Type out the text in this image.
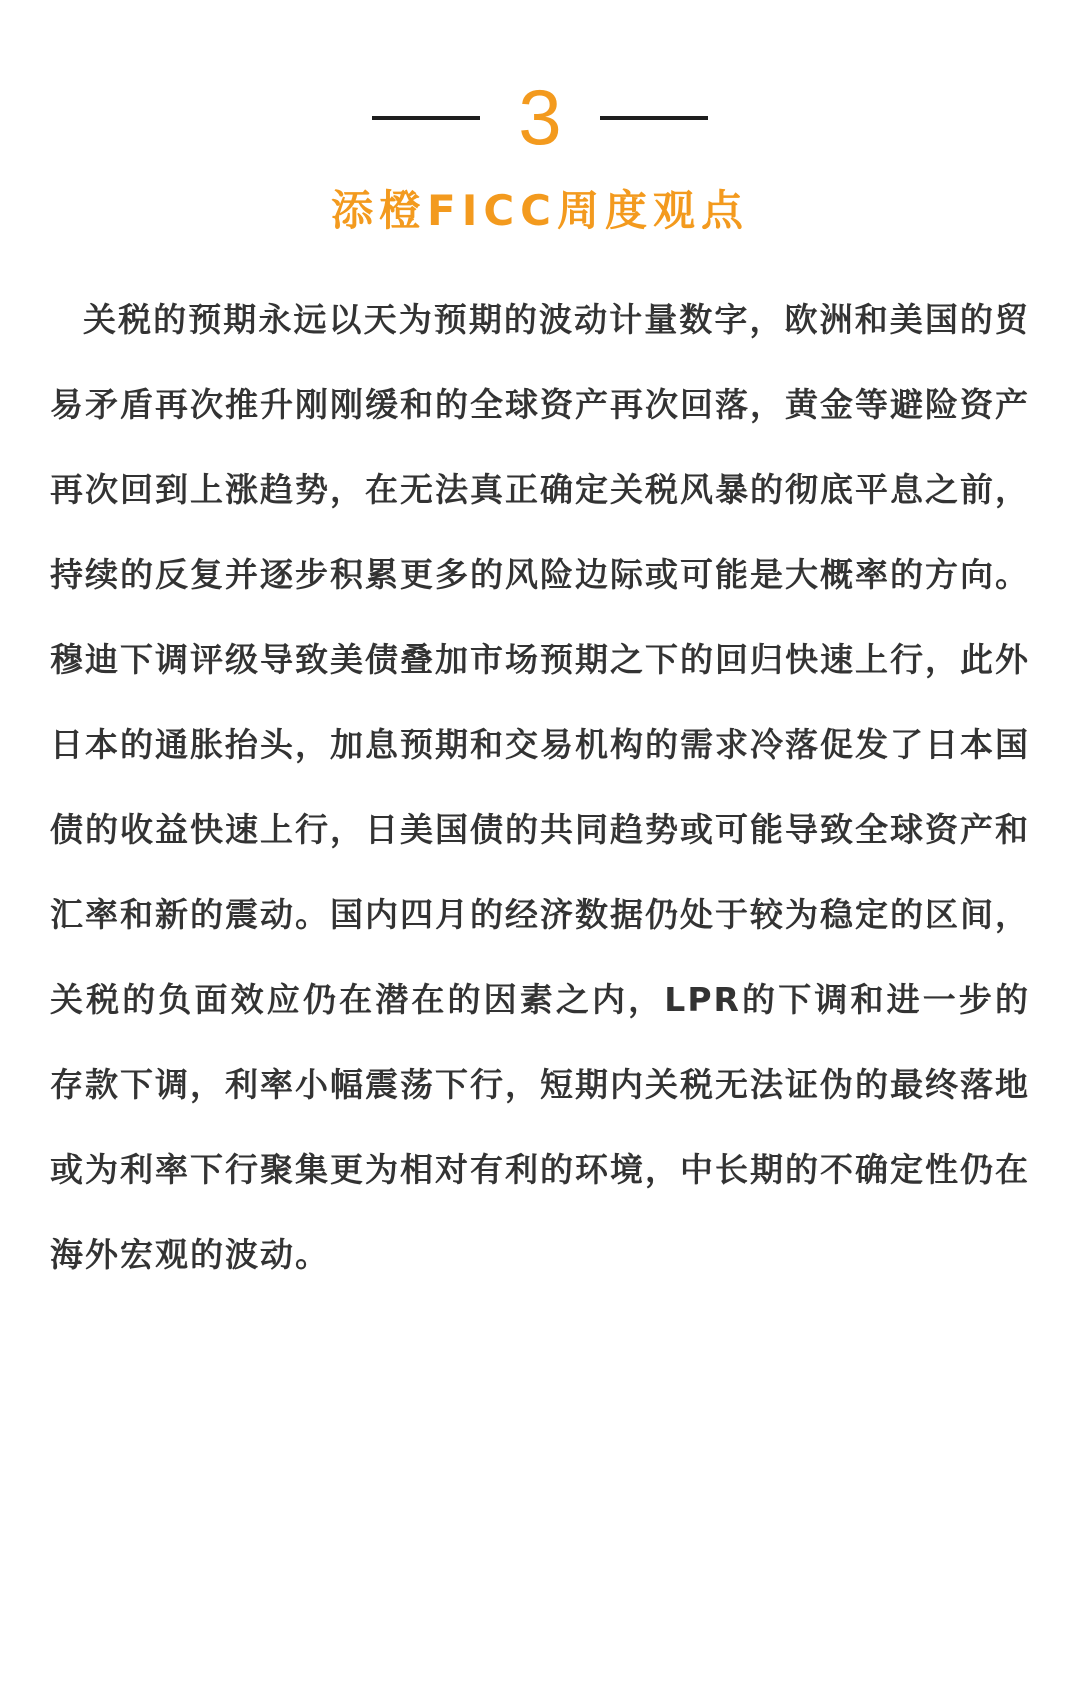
3
添橙FICC周度观点

关税的预期永远以天为预期的波动计量数字，欧洲和美国的贸易矛盾再次推升刚刚缓和的全球资产再次回落，黄金等避险资产再次回到上涨趋势，在无法真正确定关税风暴的彻底平息之前，持续的反复并逐步积累更多的风险边际或可能是大概率的方向。穆迪下调评级导致美债叠加市场预期之下的回归快速上行，此外日本的通胀抬头，加息预期和交易机构的需求冷落促发了日本国债的收益快速上行，日美国债的共同趋势或可能导致全球资产和汇率和新的震动。国内四月的经济数据仍处于较为稳定的区间，关税的负面效应仍在潜在的因素之内，LPR的下调和进一步的存款下调，利率小幅震荡下行，短期内关税无法证伪的最终落地或为利率下行聚集更为相对有利的环境，中长期的不确定性仍在海外宏观的波动。
